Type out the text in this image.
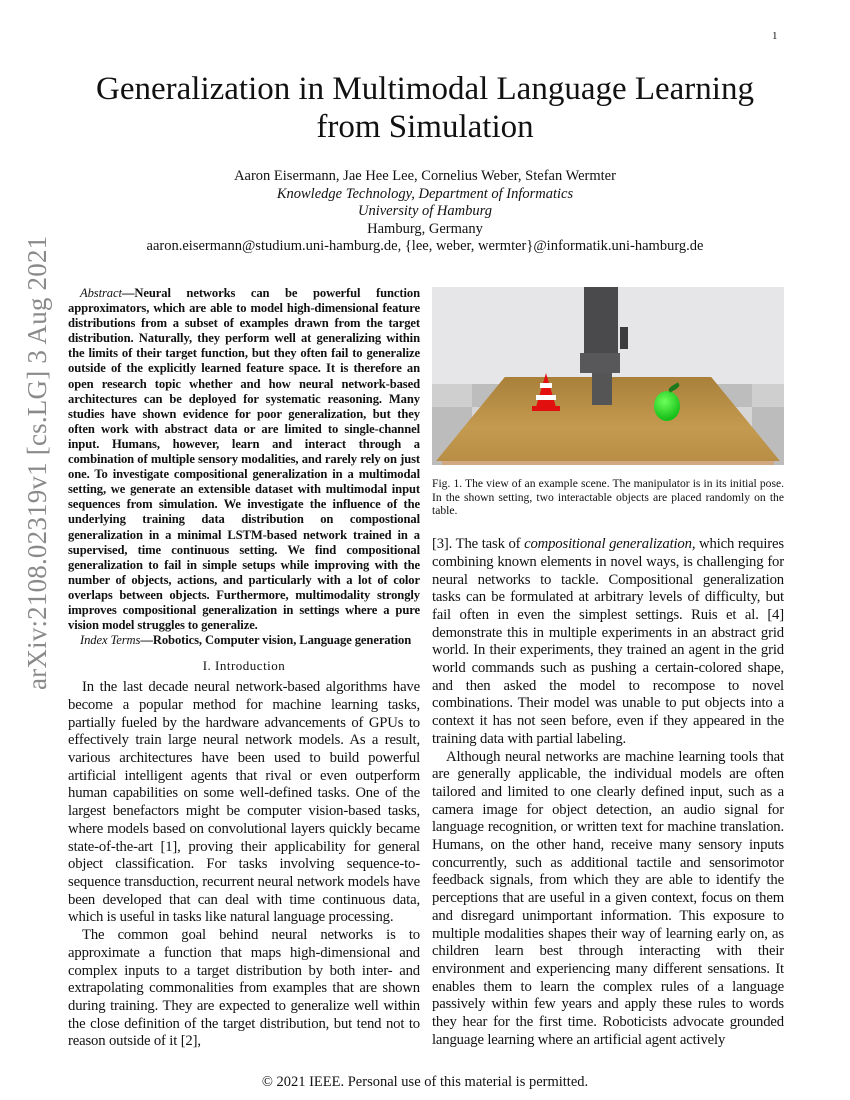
1
arXiv:2108.02319v1 [cs.LG] 3 Aug 2021
Generalization in Multimodal Language Learning from Simulation
Aaron Eisermann, Jae Hee Lee, Cornelius Weber, Stefan Wermter
Knowledge Technology, Department of Informatics
University of Hamburg
Hamburg, Germany
aaron.eisermann@studium.uni-hamburg.de, {lee, weber, wermter}@informatik.uni-hamburg.de

Abstract—Neural networks can be powerful function approximators, which are able to model high-dimensional feature distributions from a subset of examples drawn from the target distribution. Naturally, they perform well at generalizing within the limits of their target function, but they often fail to generalize outside of the explicitly learned feature space. It is therefore an open research topic whether and how neural network-based architectures can be deployed for systematic reasoning. Many studies have shown evidence for poor generalization, but they often work with abstract data or are limited to single-channel input. Humans, however, learn and interact through a combination of multiple sensory modalities, and rarely rely on just one. To investigate compositional generalization in a multimodal setting, we generate an extensible dataset with multimodal input sequences from simulation. We investigate the influence of the underlying training data distribution on compostional generalization in a minimal LSTM-based network trained in a supervised, time continuous setting. We find compositional generalization to fail in simple setups while improving with the number of objects, actions, and particularly with a lot of color overlaps between objects. Furthermore, multimodality strongly improves compositional generalization in settings where a pure vision model struggles to generalize.

Index Terms—Robotics, Computer vision, Language generation

I. Introduction

In the last decade neural network-based algorithms have become a popular method for machine learning tasks, partially fueled by the hardware advancements of GPUs to effectively train large neural network models. As a result, various architectures have been used to build powerful artificial intelligent agents that rival or even outperform human capabilities on some well-defined tasks. One of the largest benefactors might be computer vision-based tasks, where models based on convolutional layers quickly became state-of-the-art [1], proving their applicability for general object classification. For tasks involving sequence-to-sequence transduction, recurrent neural network models have been developed that can deal with time continuous data, which is useful in tasks like natural language processing.

The common goal behind neural networks is to approximate a function that maps high-dimensional and complex inputs to a target distribution by both inter- and extrapolating commonalities from examples that are shown during training. They are expected to generalize well within the close definition of the target distribution, but tend not to reason outside of it [2],

Fig. 1. The view of an example scene. The manipulator is in its initial pose. In the shown setting, two interactable objects are placed randomly on the table.

[3]. The task of compositional generalization, which requires combining known elements in novel ways, is challenging for neural networks to tackle. Compositional generalization tasks can be formulated at arbitrary levels of difficulty, but fail often in even the simplest settings. Ruis et al. [4] demonstrate this in multiple experiments in an abstract grid world. In their experiments, they trained an agent in the grid world commands such as pushing a certain-colored shape, and then asked the model to recompose to novel combinations. Their model was unable to put objects into a context it has not seen before, even if they appeared in the training data with partial labeling.

Although neural networks are machine learning tools that are generally applicable, the individual models are often tailored and limited to one clearly defined input, such as a camera image for object detection, an audio signal for language recognition, or written text for machine translation. Humans, on the other hand, receive many sensory inputs concurrently, such as additional tactile and sensorimotor feedback signals, from which they are able to identify the perceptions that are useful in a given context, focus on them and disregard unimportant information. This exposure to multiple modalities shapes their way of learning early on, as children learn best through interacting with their environment and experiencing many different sensations. It enables them to learn the complex rules of a language passively within few years and apply these rules to words they hear for the first time. Roboticists advocate grounded language learning where an artificial agent actively

© 2021 IEEE. Personal use of this material is permitted.
